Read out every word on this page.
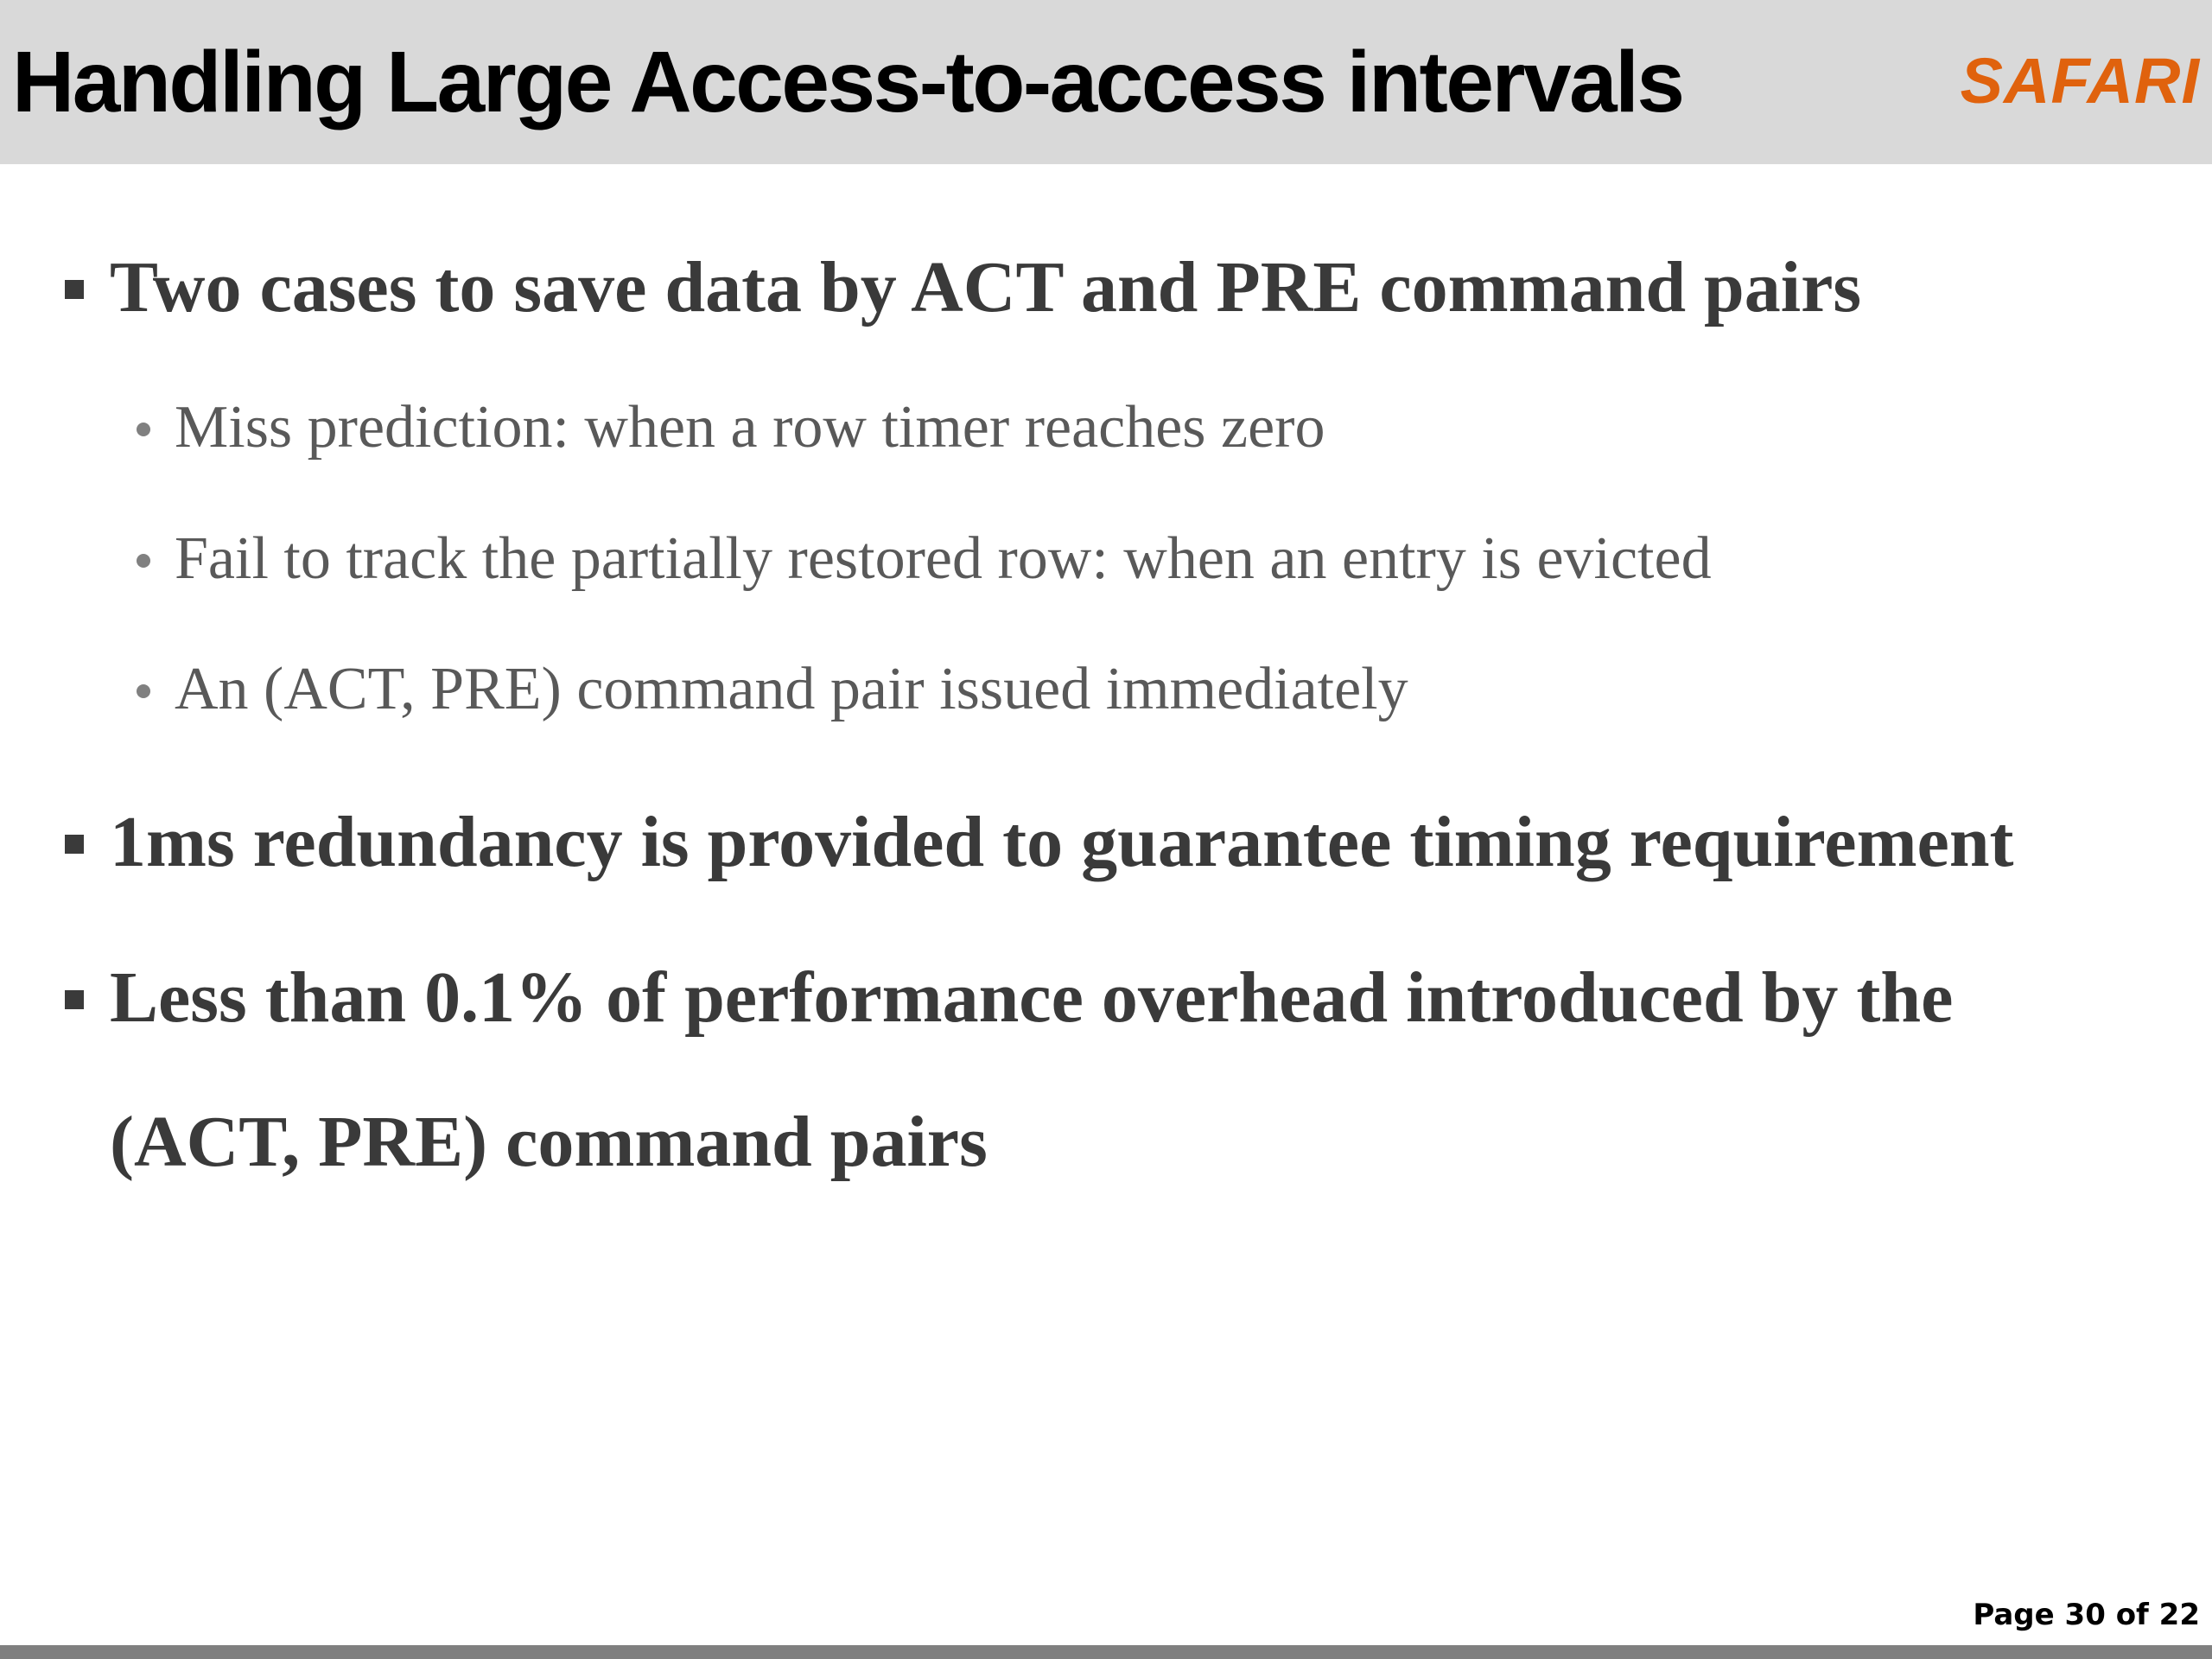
Handling Large Access-to-access intervals	SAFARI
Two cases to save data by ACT and PRE command pairs
Miss prediction: when a row timer reaches zero
Fail to track the partially restored row: when an entry is evicted
An (ACT, PRE) command pair issued immediately
1ms redundancy is provided to guarantee timing requirement
Less than 0.1% of performance overhead introduced by the
(ACT, PRE) command pairs
Page 30 of 22
